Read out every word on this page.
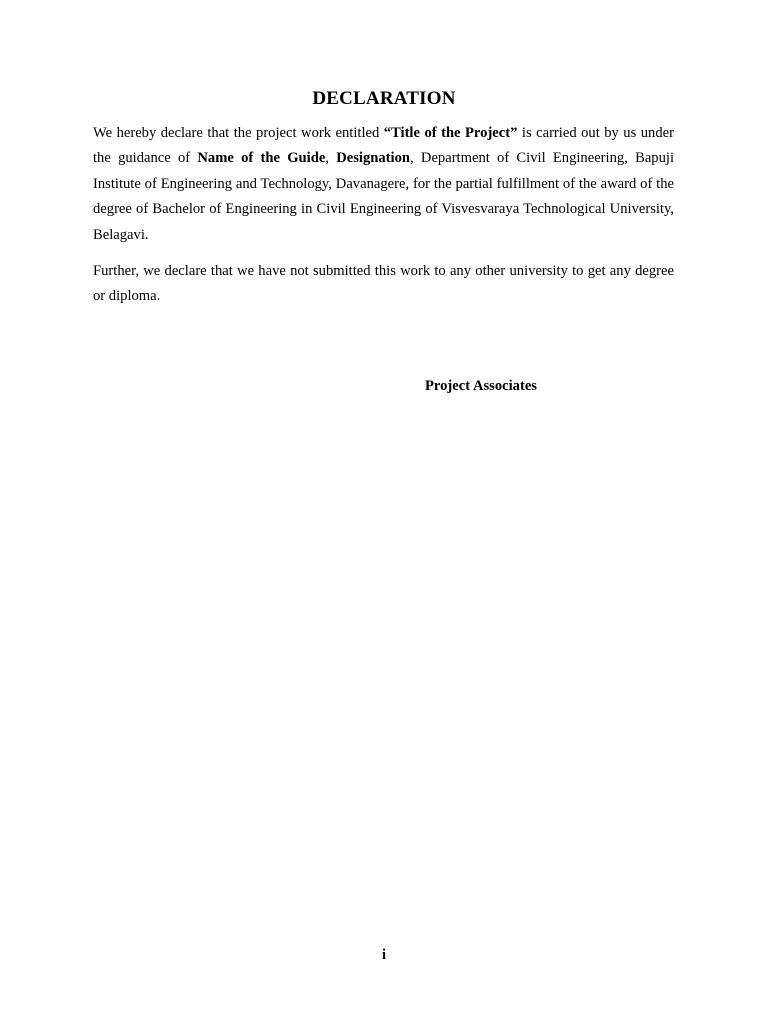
DECLARATION

We hereby declare that the project work entitled “Title of the Project” is carried out by us under the guidance of Name of the Guide, Designation, Department of Civil Engineering, Bapuji Institute of Engineering and Technology, Davanagere, for the partial fulfillment of the award of the degree of Bachelor of Engineering in Civil Engineering of Visvesvaraya Technological University, Belagavi.

Further, we declare that we have not submitted this work to any other university to get any degree or diploma.

Project Associates
i
